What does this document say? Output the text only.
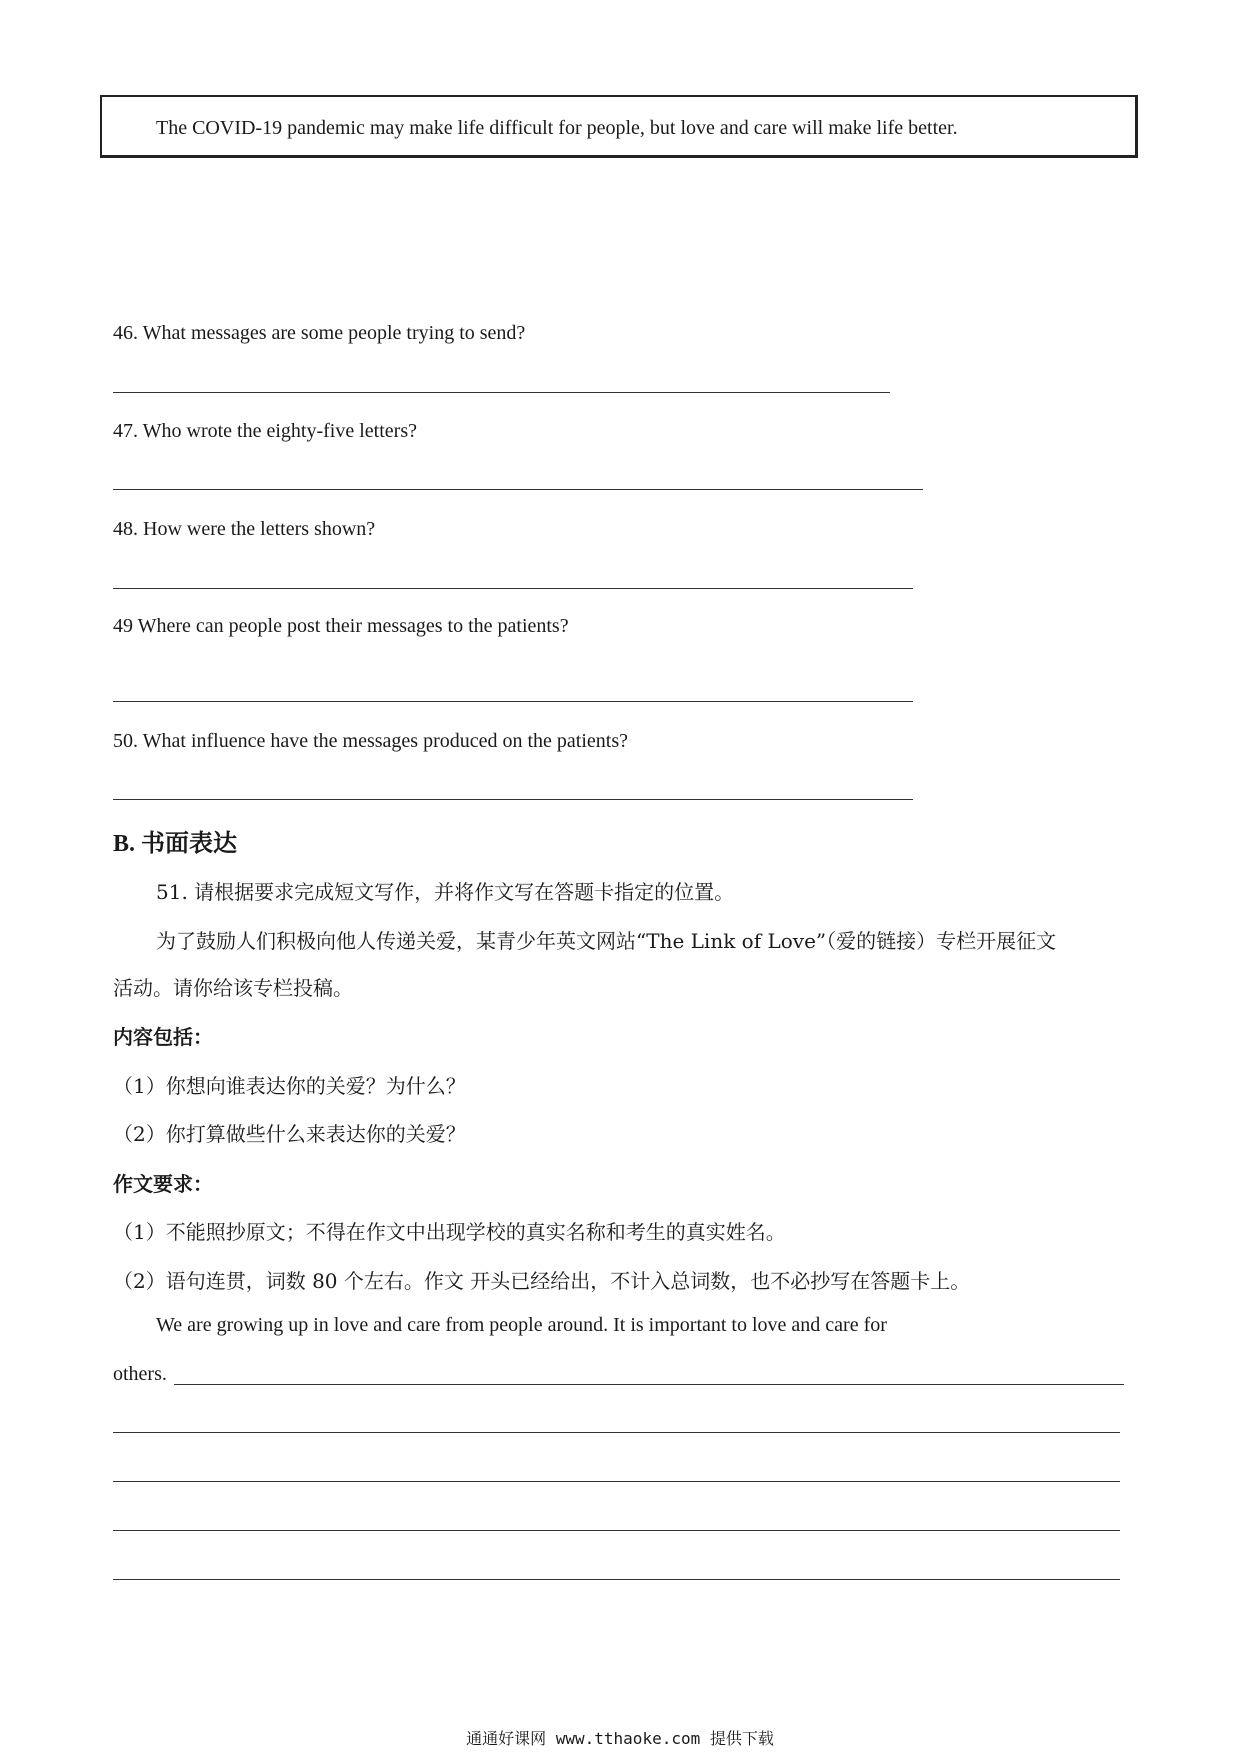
The COVID-19 pandemic may make life difficult for people, but love and care will make life better.
46. What messages are some people trying to send?
47. Who wrote the eighty-five letters?
48. How were the letters shown?
49 Where can people post their messages to the patients?
50. What influence have the messages produced on the patients?
B. 书面表达
51. 请根据要求完成短文写作，并将作文写在答题卡指定的位置。
为了鼓励人们积极向他人传递关爱，某青少年英文网站“The Link of Love”（爱的链接）专栏开展征文
活动。请你给该专栏投稿。
内容包括：
（1）你想向谁表达你的关爱？为什么？
（2）你打算做些什么来表达你的关爱？
作文要求：
（1）不能照抄原文；不得在作文中出现学校的真实名称和考生的真实姓名。
（2）语句连贯，词数 80 个左右。作文 开头已经给出，不计入总词数，也不必抄写在答题卡上。
We are growing up in love and care from people around. It is important to love and care for
others.
通通好课网 www.tthaoke.com 提供下载
